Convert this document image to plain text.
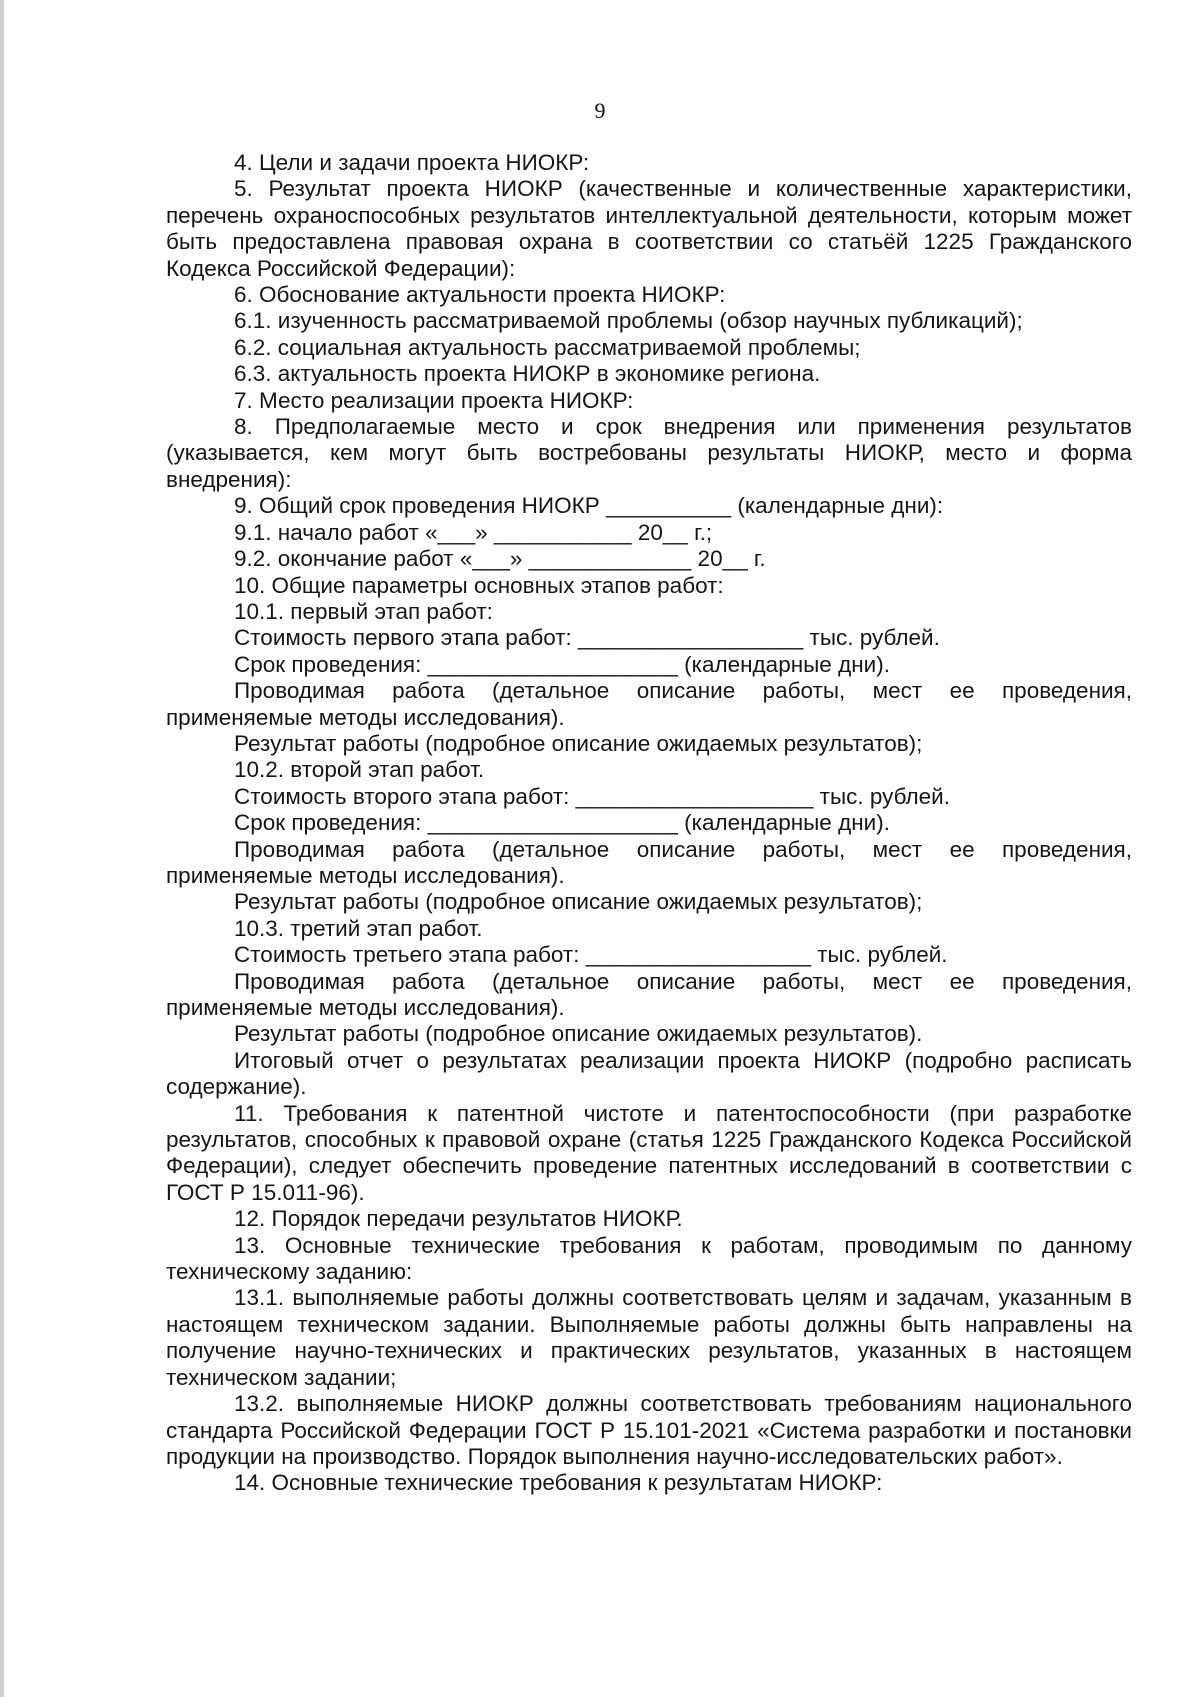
9

4. Цели и задачи проекта НИОКР:

5. Результат проекта НИОКР (качественные и количественные характеристики, перечень охраноспособных результатов интеллектуальной деятельности, которым может быть предоставлена правовая охрана в соответствии со статьёй 1225 Гражданского Кодекса Российской Федерации):

6. Обоснование актуальности проекта НИОКР:

6.1. изученность рассматриваемой проблемы (обзор научных публикаций);

6.2. социальная актуальность рассматриваемой проблемы;

6.3. актуальность проекта НИОКР в экономике региона.

7. Место реализации проекта НИОКР:

8. Предполагаемые место и срок внедрения или применения результатов (указывается, кем могут быть востребованы результаты НИОКР, место и форма внедрения):

9. Общий срок проведения НИОКР __________ (календарные дни):

9.1. начало работ «___» ___________ 20__ г.;

9.2. окончание работ «___» _____________ 20__ г.

10. Общие параметры основных этапов работ:

10.1. первый этап работ:

Стоимость первого этапа работ: __________________ тыс. рублей.

Срок проведения: ____________________ (календарные дни).

Проводимая работа (детальное описание работы, мест ее проведения, применяемые методы исследования).

Результат работы (подробное описание ожидаемых результатов);

10.2. второй этап работ.

Стоимость второго этапа работ: ___________________ тыс. рублей.

Срок проведения: ____________________ (календарные дни).

Проводимая работа (детальное описание работы, мест ее проведения, применяемые методы исследования).

Результат работы (подробное описание ожидаемых результатов);

10.3. третий этап работ.

Стоимость третьего этапа работ: __________________ тыс. рублей.

Проводимая работа (детальное описание работы, мест ее проведения, применяемые методы исследования).

Результат работы (подробное описание ожидаемых результатов).

Итоговый отчет о результатах реализации проекта НИОКР (подробно расписать содержание).

11. Требования к патентной чистоте и патентоспособности (при разработке результатов, способных к правовой охране (статья 1225 Гражданского Кодекса Российской Федерации), следует обеспечить проведение патентных исследований в соответствии с ГОСТ Р 15.011-96).

12. Порядок передачи результатов НИОКР.

13. Основные технические требования к работам, проводимым по данному техническому заданию:

13.1. выполняемые работы должны соответствовать целям и задачам, указанным в настоящем техническом задании. Выполняемые работы должны быть направлены на получение научно-технических и практических результатов, указанных в настоящем техническом задании;

13.2. выполняемые НИОКР должны соответствовать требованиям национального стандарта Российской Федерации ГОСТ Р 15.101-2021 «Система разработки и постановки продукции на производство. Порядок выполнения научно-исследовательских работ».

14. Основные технические требования к результатам НИОКР:
